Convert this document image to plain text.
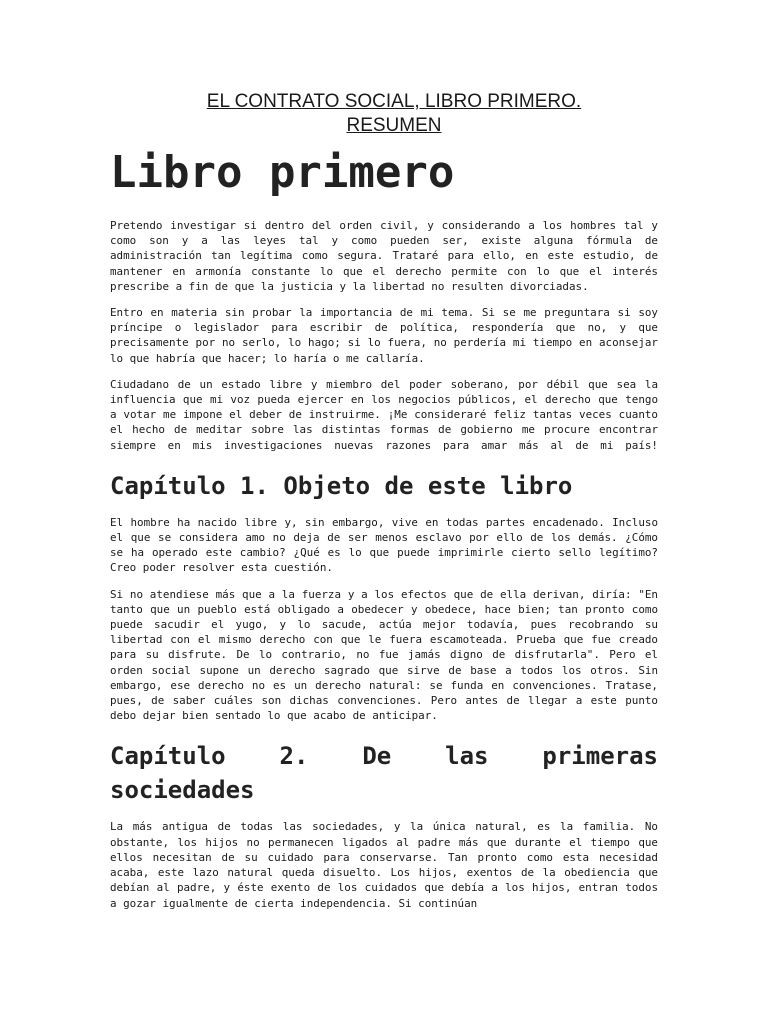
EL CONTRATO SOCIAL, LIBRO PRIMERO.
RESUMEN
Libro primero

Pretendo investigar si dentro del orden civil, y considerando a los hombres tal y como son y a las leyes tal y como pueden ser, existe alguna fórmula de administración tan legítima como segura. Trataré para ello, en este estudio, de mantener en armonía constante lo que el derecho permite con lo que el interés prescribe a fin de que la justicia y la libertad no resulten divorciadas.

Entro en materia sin probar la importancia de mi tema. Si se me preguntara si soy príncipe o legislador para escribir de política, respondería que no, y que precisamente por no serlo, lo hago; si lo fuera, no perdería mi tiempo en aconsejar lo que habría que hacer; lo haría o me callaría.

Ciudadano de un estado libre y miembro del poder soberano, por débil que sea la influencia que mi voz pueda ejercer en los negocios públicos, el derecho que tengo a votar me impone el deber de instruirme. ¡Me consideraré feliz tantas veces cuanto el hecho de meditar sobre las distintas formas de gobierno me procure encontrar siempre en mis investigaciones nuevas razones para amar más al de mi país!

Capítulo 1. Objeto de este libro

El hombre ha nacido libre y, sin embargo, vive en todas partes encadenado. Incluso el que se considera amo no deja de ser menos esclavo por ello de los demás. ¿Cómo se ha operado este cambio? ¿Qué es lo que puede imprimirle cierto sello legítimo? Creo poder resolver esta cuestión.

Si no atendiese más que a la fuerza y a los efectos que de ella derivan, diría: "En tanto que un pueblo está obligado a obedecer y obedece, hace bien; tan pronto como puede sacudir el yugo, y lo sacude, actúa mejor todavía, pues recobrando su libertad con el mismo derecho con que le fuera escamoteada. Prueba que fue creado para su disfrute. De lo contrario, no fue jamás digno de disfrutarla". Pero el orden social supone un derecho sagrado que sirve de base a todos los otros. Sin embargo, ese derecho no es un derecho natural: se funda en convenciones. Tratase, pues, de saber cuáles son dichas convenciones. Pero antes de llegar a este punto debo dejar bien sentado lo que acabo de anticipar.

Capítulo 2. De las primeras
sociedades

La más antigua de todas las sociedades, y la única natural, es la familia. No obstante, los hijos no permanecen ligados al padre más que durante el tiempo que ellos necesitan de su cuidado para conservarse. Tan pronto como esta necesidad acaba, este lazo natural queda disuelto. Los hijos, exentos de la obediencia que debían al padre, y éste exento de los cuidados que debía a los hijos, entran todos a gozar igualmente de cierta independencia. Si continúan
